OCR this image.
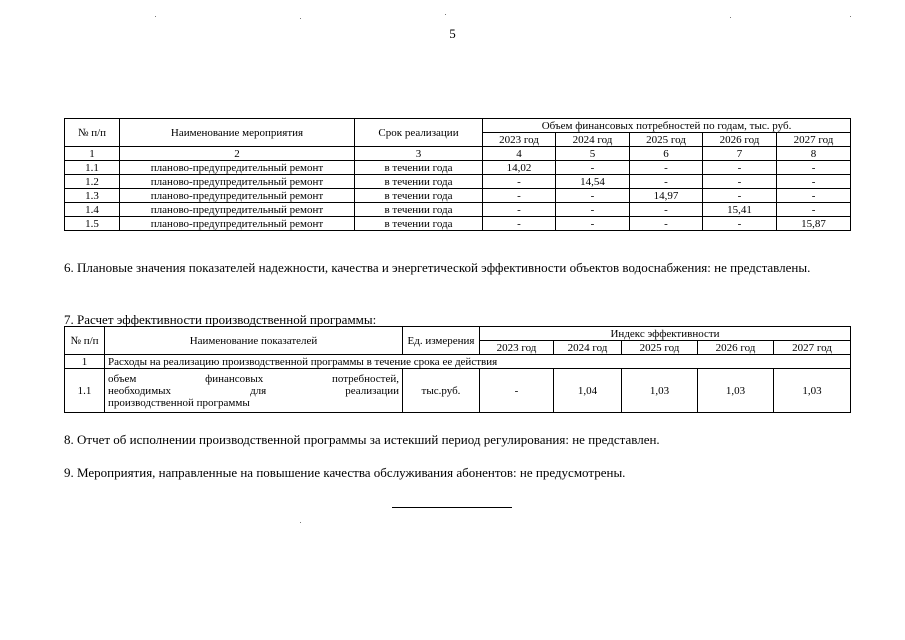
5
№ п/п	Наименование мероприятия	Срок реализации	Объем финансовых потребностей по годам, тыс. руб.				
			2023 год	2024 год	2025 год	2026 год	2027 год
1	2	3	4	5	6	7	8
1.1	планово-предупредительный ремонт	в течении года	14,02	-	-	-	-
1.2	планово-предупредительный ремонт	в течении года	-	14,54	-	-	-
1.3	планово-предупредительный ремонт	в течении года	-	-	14,97	-	-
1.4	планово-предупредительный ремонт	в течении года	-	-	-	15,41	-
1.5	планово-предупредительный ремонт	в течении года	-	-	-	-	15,87
6. Плановые значения показателей надежности, качества и энергетической эффективности объектов водоснабжения: не представлены.
7. Расчет эффективности производственной программы:
№ п/п	Наименование показателей	Ед. измерения	Индекс эффективности				
			2023 год	2024 год	2025 год	2026 год	2027 год
1	Расходы на реализацию производственной программы в течение срока ее действия						
1.1	объем финансовых потребностей,
необходимых для реализации
производственной программы	тыс.руб.	-	1,04	1,03	1,03	1,03
8. Отчет об исполнении производственной программы за истекший период регулирования: не представлен.
9. Мероприятия, направленные на повышение качества обслуживания абонентов: не предусмотрены.
